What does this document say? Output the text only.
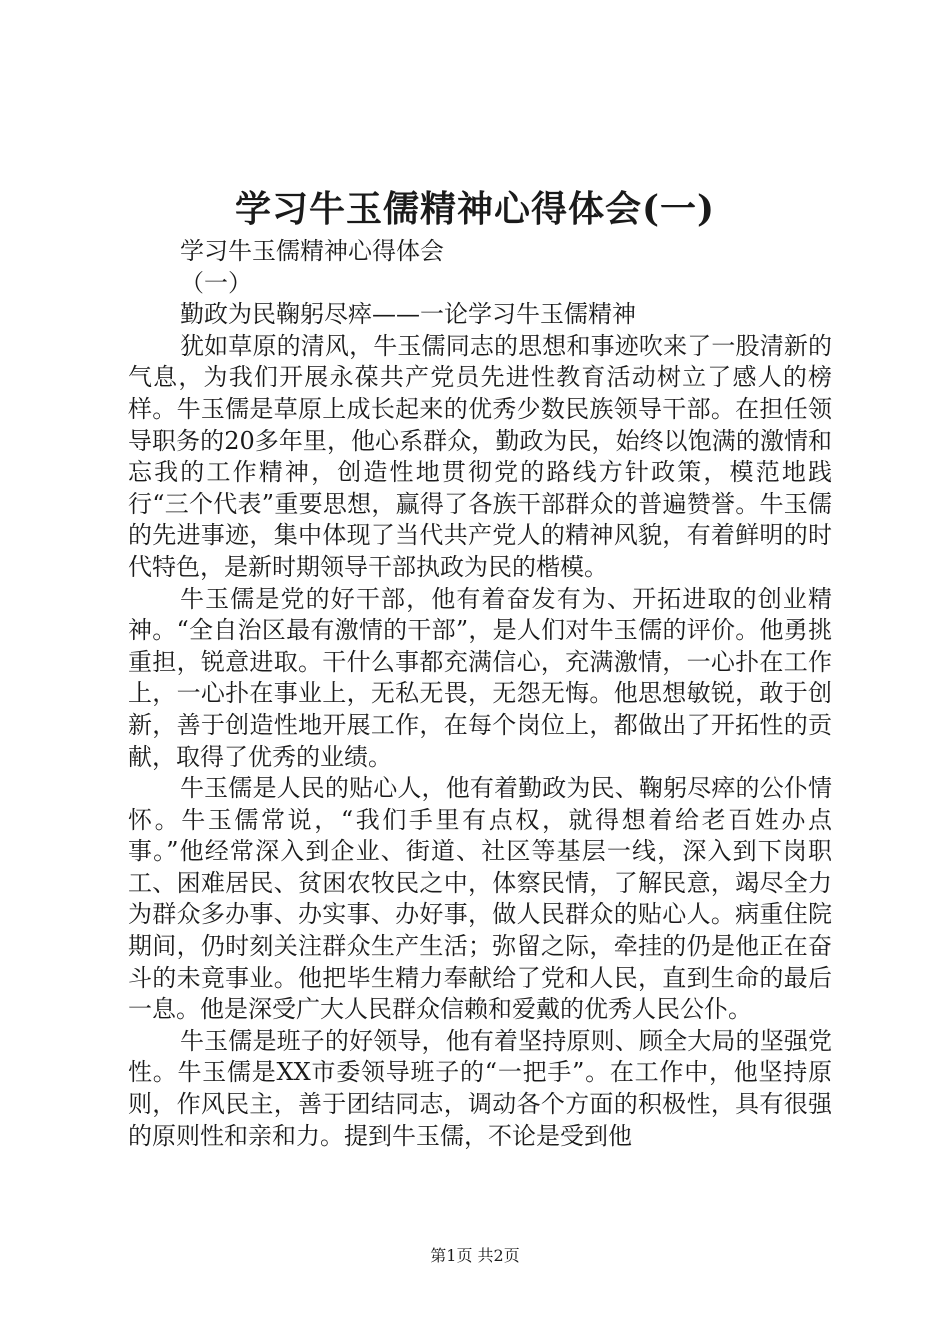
学习牛玉儒精神心得体会(一)

学习牛玉儒精神心得体会

（一）

勤政为民鞠躬尽瘁——一论学习牛玉儒精神

犹如草原的清风，牛玉儒同志的思想和事迹吹来了一股清新的气息，为我们开展永葆共产党员先进性教育活动树立了感人的榜样。牛玉儒是草原上成长起来的优秀少数民族领导干部。在担任领导职务的20多年里，他心系群众，勤政为民，始终以饱满的激情和忘我的工作精神，创造性地贯彻党的路线方针政策，模范地践行“三个代表”重要思想，赢得了各族干部群众的普遍赞誉。牛玉儒的先进事迹，集中体现了当代共产党人的精神风貌，有着鲜明的时代特色，是新时期领导干部执政为民的楷模。

牛玉儒是党的好干部，他有着奋发有为、开拓进取的创业精神。“全自治区最有激情的干部”，是人们对牛玉儒的评价。他勇挑重担，锐意进取。干什么事都充满信心，充满激情，一心扑在工作上，一心扑在事业上，无私无畏，无怨无悔。他思想敏锐，敢于创新，善于创造性地开展工作，在每个岗位上，都做出了开拓性的贡献，取得了优秀的业绩。

牛玉儒是人民的贴心人，他有着勤政为民、鞠躬尽瘁的公仆情怀。牛玉儒常说，“我们手里有点权，就得想着给老百姓办点事。”他经常深入到企业、街道、社区等基层一线，深入到下岗职工、困难居民、贫困农牧民之中，体察民情，了解民意，竭尽全力为群众多办事、办实事、办好事，做人民群众的贴心人。病重住院期间，仍时刻关注群众生产生活；弥留之际，牵挂的仍是他正在奋斗的未竟事业。他把毕生精力奉献给了党和人民，直到生命的最后一息。他是深受广大人民群众信赖和爱戴的优秀人民公仆。

牛玉儒是班子的好领导，他有着坚持原则、顾全大局的坚强党性。牛玉儒是XX市委领导班子的“一把手”。在工作中，他坚持原则，作风民主，善于团结同志，调动各个方面的积极性，具有很强的原则性和亲和力。提到牛玉儒，不论是受到他

第1页 共2页
